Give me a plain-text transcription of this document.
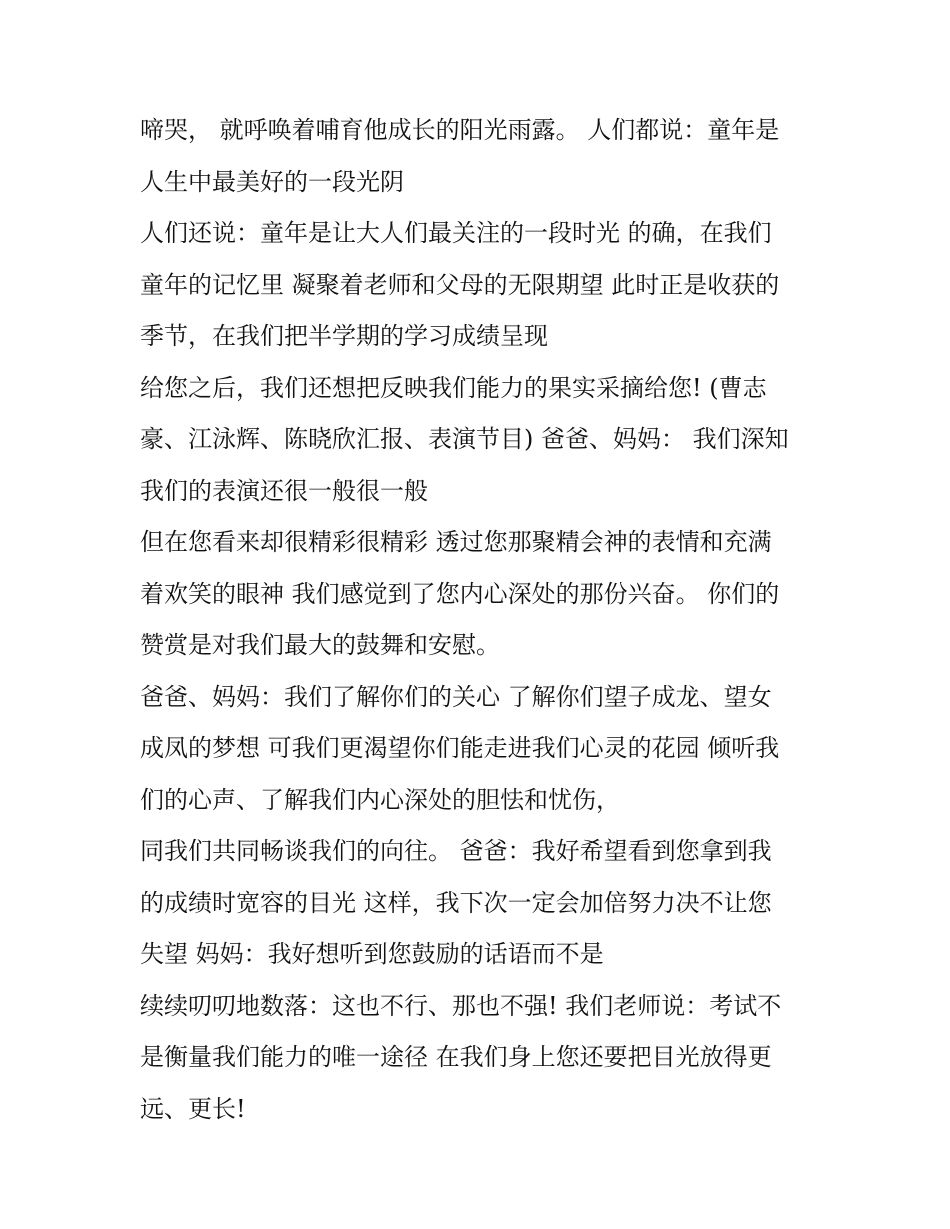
啼哭， 就呼唤着哺育他成长的阳光雨露。 人们都说：童年是
人生中最美好的一段光阴
人们还说：童年是让大人们最关注的一段时光 的确，在我们
童年的记忆里 凝聚着老师和父母的无限期望 此时正是收获的
季节，在我们把半学期的学习成绩呈现
给您之后，我们还想把反映我们能力的果实采摘给您! (曹志
豪、江泳辉、陈晓欣汇报、表演节目) 爸爸、妈妈： 我们深知
我们的表演还很一般很一般
但在您看来却很精彩很精彩 透过您那聚精会神的表情和充满
着欢笑的眼神 我们感觉到了您内心深处的那份兴奋。 你们的
赞赏是对我们最大的鼓舞和安慰。
爸爸、妈妈：我们了解你们的关心 了解你们望子成龙、望女
成凤的梦想 可我们更渴望你们能走进我们心灵的花园 倾听我
们的心声、了解我们内心深处的胆怯和忧伤，
同我们共同畅谈我们的向往。 爸爸：我好希望看到您拿到我
的成绩时宽容的目光 这样，我下次一定会加倍努力决不让您
失望 妈妈：我好想听到您鼓励的话语而不是
续续叨叨地数落：这也不行、那也不强! 我们老师说：考试不
是衡量我们能力的唯一途径 在我们身上您还要把目光放得更
远、更长!
